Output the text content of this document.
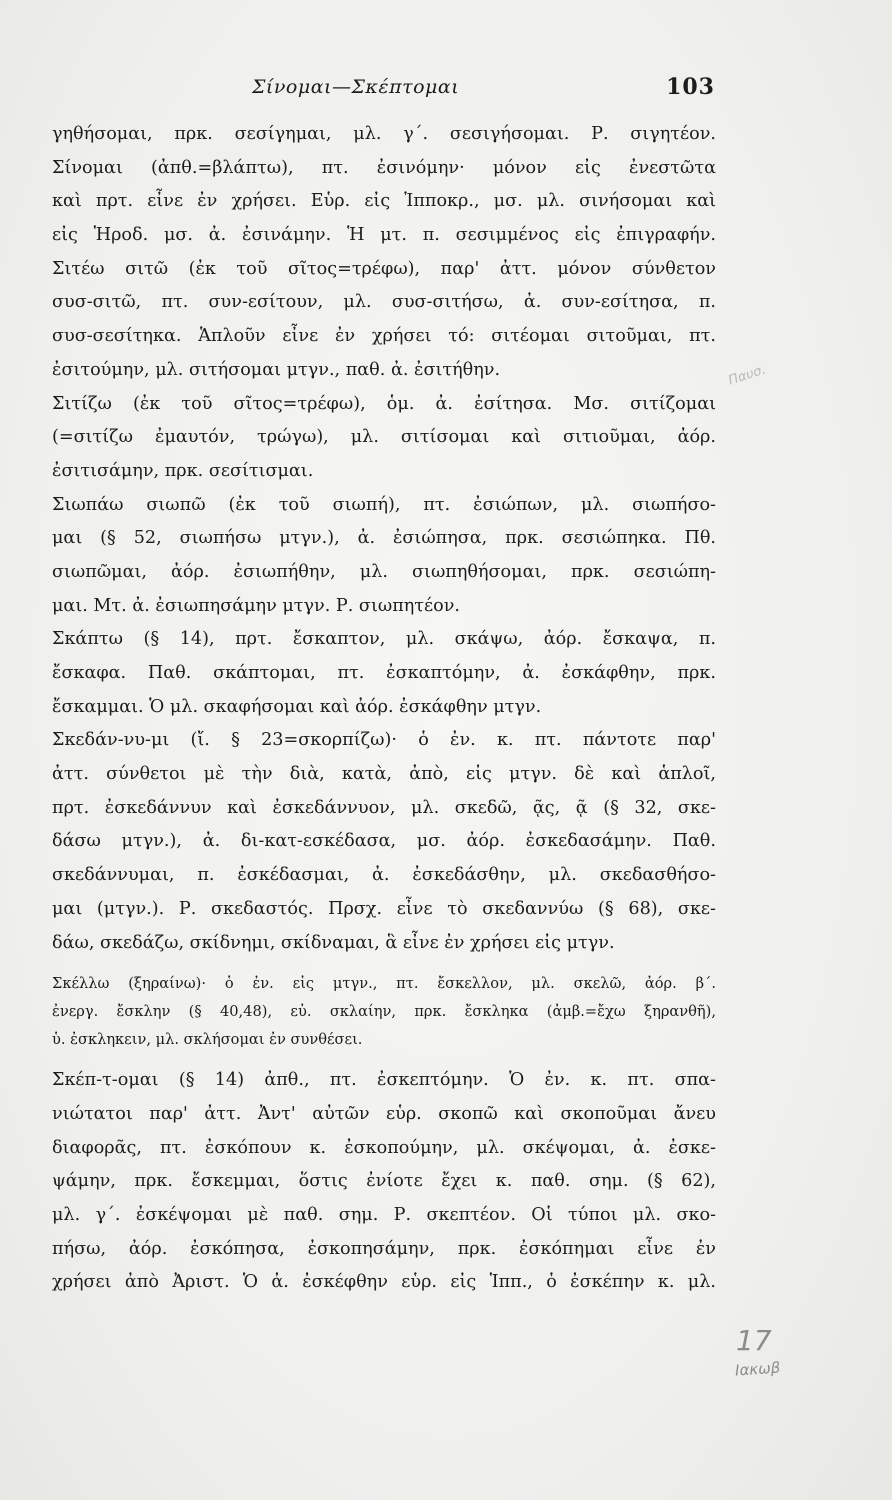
Σίνομαι—Σκέπτομαι	103
γηθήσομαι, πρκ. σεσίγημαι, μλ. γ΄. σεσιγήσομαι. Ρ. σιγητέον.
Σίνομαι (ἀπθ.=βλάπτω), πτ. ἐσινόμην· μόνον εἰς ἐνεστῶτα
καὶ πρτ. εἶνε ἐν χρήσει. Εὑρ. εἰς Ἱπποκρ., μσ. μλ. σινήσομαι καὶ
εἰς Ἡροδ. μσ. ἀ. ἐσινάμην. Ἡ μτ. π. σεσιμμένος εἰς ἐπιγραφήν.
Σιτέω σιτῶ (ἐκ τοῦ σῖτος=τρέφω), παρ' ἀττ. μόνον σύνθετον
συσ-σιτῶ, πτ. συν-εσίτουν, μλ. συσ-σιτήσω, ἀ. συν-εσίτησα, π.
συσ-σεσίτηκα. Ἁπλοῦν εἶνε ἐν χρήσει τό: σιτέομαι σιτοῦμαι, πτ.
ἐσιτούμην, μλ. σιτήσομαι μτγν., παθ. ἀ. ἐσιτήθην.
Σιτίζω (ἐκ τοῦ σῖτος=τρέφω), ὁμ. ἀ. ἐσίτησα. Μσ. σιτίζομαι
(=σιτίζω ἐμαυτόν, τρώγω), μλ. σιτίσομαι καὶ σιτιοῦμαι, ἀόρ.
ἐσιτισάμην, πρκ. σεσίτισμαι.
Σιωπάω σιωπῶ (ἐκ τοῦ σιωπή), πτ. ἐσιώπων, μλ. σιωπήσο-
μαι (§ 52, σιωπήσω μτγν.), ἀ. ἐσιώπησα, πρκ. σεσιώπηκα. Πθ.
σιωπῶμαι, ἀόρ. ἐσιωπήθην, μλ. σιωπηθήσομαι, πρκ. σεσιώπη-
μαι. Μτ. ἀ. ἐσιωπησάμην μτγν. Ρ. σιωπητέον.
Σκάπτω (§ 14), πρτ. ἔσκαπτον, μλ. σκάψω, ἀόρ. ἔσκαψα, π.
ἔσκαφα. Παθ. σκάπτομαι, πτ. ἐσκαπτόμην, ἀ. ἐσκάφθην, πρκ.
ἔσκαμμαι. Ὁ μλ. σκαφήσομαι καὶ ἀόρ. ἐσκάφθην μτγν.
Σκεδάν-νυ-μι (ἴ. § 23=σκορπίζω)· ὁ ἐν. κ. πτ. πάντοτε παρ'
ἀττ. σύνθετοι μὲ τὴν διὰ, κατὰ, ἀπὸ, εἰς μτγν. δὲ καὶ ἁπλοῖ,
πρτ. ἐσκεδάννυν καὶ ἐσκεδάννυον, μλ. σκεδῶ, ᾷς, ᾷ (§ 32, σκε-
δάσω μτγν.), ἀ. δι-κατ-εσκέδασα, μσ. ἀόρ. ἐσκεδασάμην. Παθ.
σκεδάννυμαι, π. ἐσκέδασμαι, ἀ. ἐσκεδάσθην, μλ. σκεδασθήσο-
μαι (μτγν.). Ρ. σκεδαστός. Πρσχ. εἶνε τὸ σκεδαννύω (§ 68), σκε-
δάω, σκεδάζω, σκίδνημι, σκίδναμαι, ἃ εἶνε ἐν χρήσει εἰς μτγν.
Σκέλλω (ξηραίνω)· ὁ ἐν. εἰς μτγν., πτ. ἔσκελλον, μλ. σκελῶ, ἀόρ. β΄.
ἐνεργ. ἔσκλην (§ 40,48), εὐ. σκλαίην, πρκ. ἔσκληκα (ἀμβ.=ἔχω ξηρανθῆ),
ὑ. ἐσκληκειν, μλ. σκλήσομαι ἐν συνθέσει.
Σκέπ-τ-ομαι (§ 14) ἀπθ., πτ. ἐσκεπτόμην. Ὁ ἐν. κ. πτ. σπα-
νιώτατοι παρ' ἀττ. Ἀντ' αὐτῶν εὑρ. σκοπῶ καὶ σκοποῦμαι ἄνευ
διαφορᾶς, πτ. ἐσκόπουν κ. ἐσκοπούμην, μλ. σκέψομαι, ἀ. ἐσκε-
ψάμην, πρκ. ἔσκεμμαι, ὅστις ἐνίοτε ἔχει κ. παθ. σημ. (§ 62),
μλ. γ΄. ἐσκέψομαι μὲ παθ. σημ. Ρ. σκεπτέον. Οἱ τύποι μλ. σκο-
πήσω, ἀόρ. ἐσκόπησα, ἐσκοπησάμην, πρκ. ἐσκόπημαι εἶνε ἐν
χρήσει ἀπὸ Ἀριστ. Ὁ ἀ. ἐσκέφθην εὑρ. εἰς Ἱππ., ὁ ἐσκέπην κ. μλ.
Παυσ.
17
Ιακωβ
